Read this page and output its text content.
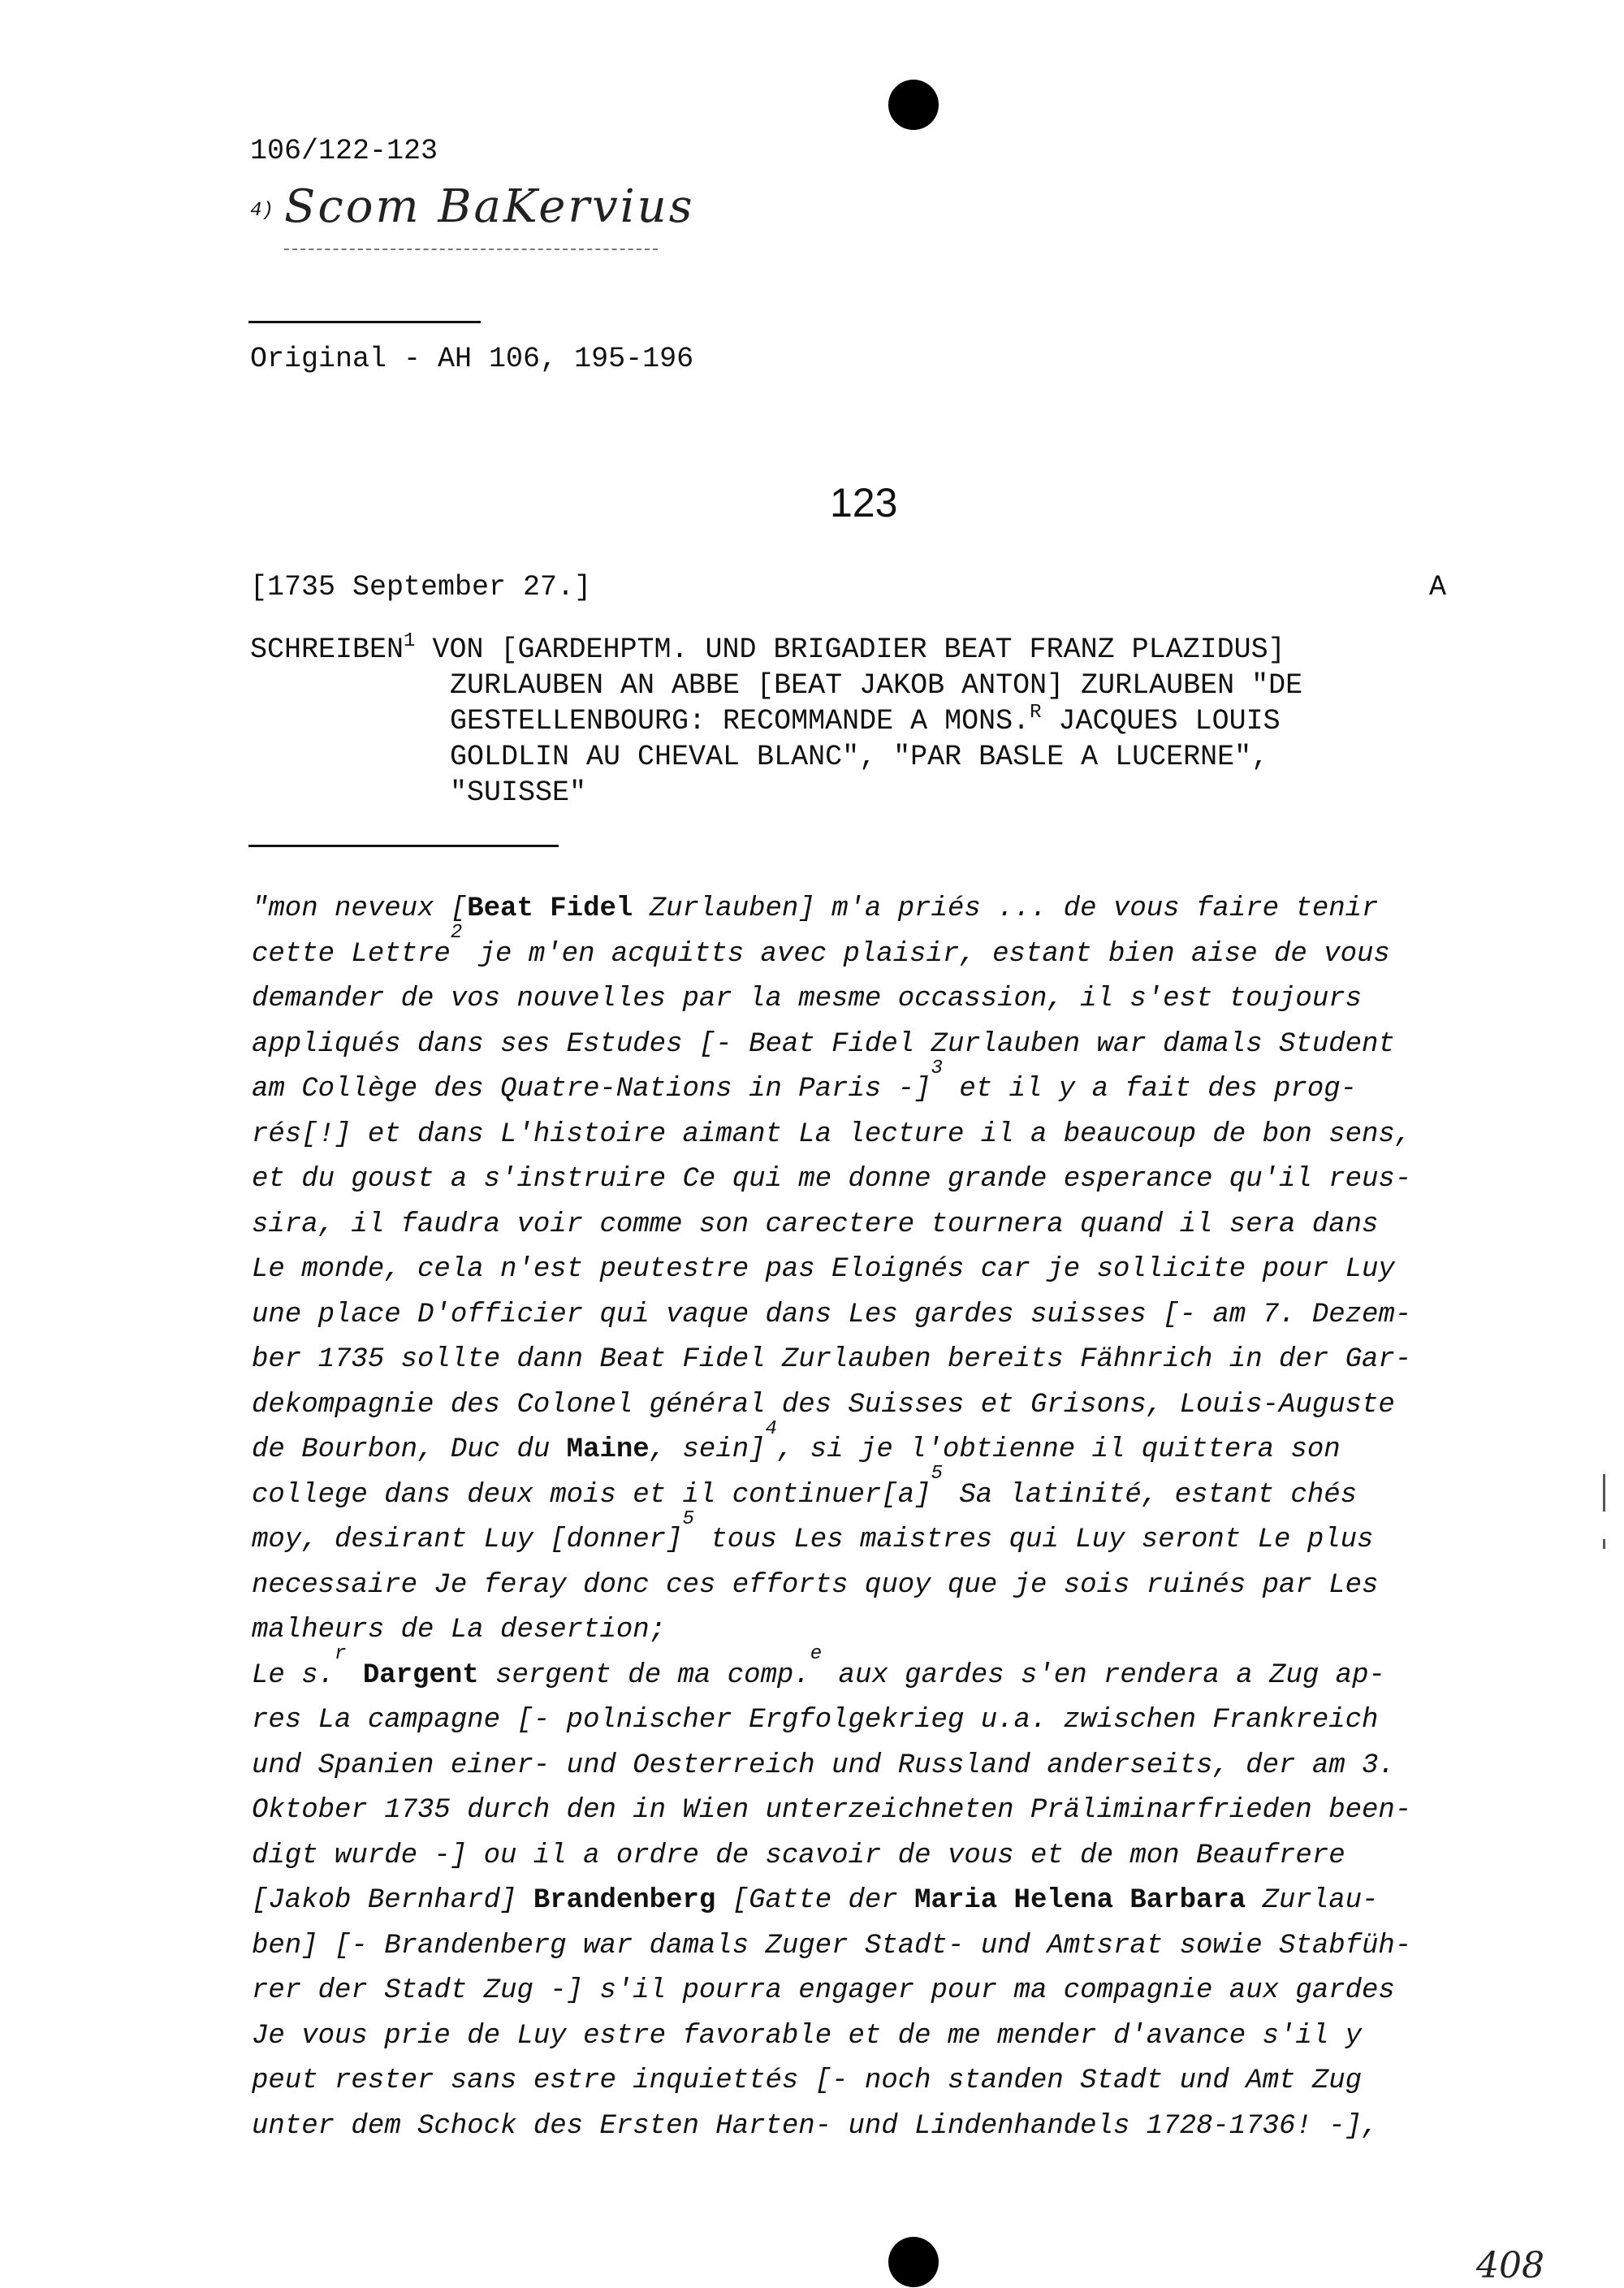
106/122-123
4) Scom BaKervius
Original - AH 106, 195-196
123
[1735 September 27.]	A
SCHREIBEN$^1$ VON [GARDEHPTM. UND BRIGADIER BEAT FRANZ PLAZIDUS]
ZURLAUBEN AN ABBE [BEAT JAKOB ANTON] ZURLAUBEN "DE
GESTELLENBOURG: RECOMMANDE A MONS.$^R$ JACQUES LOUIS
GOLDLIN AU CHEVAL BLANC", "PAR BASLE A LUCERNE",
"SUISSE"
"mon neveux [Beat Fidel Zurlauben] m'a priés ... de vous faire tenir
cette Lettre$^2$ je m'en acquitts avec plaisir, estant bien aise de vous
demander de vos nouvelles par la mesme occassion, il s'est toujours
appliqués dans ses Estudes [- Beat Fidel Zurlauben war damals Student
am Collège des Quatre-Nations in Paris -]$^3$ et il y a fait des prog-
rés[!] et dans L'histoire aimant La lecture il a beaucoup de bon sens,
et du goust a s'instruire Ce qui me donne grande esperance qu'il reus-
sira, il faudra voir comme son carectere tournera quand il sera dans
Le monde, cela n'est peutestre pas Eloignés car je sollicite pour Luy
une place D'officier qui vaque dans Les gardes suisses [- am 7. Dezem-
ber 1735 sollte dann Beat Fidel Zurlauben bereits Fähnrich in der Gar-
dekompagnie des Colonel général des Suisses et Grisons, Louis-Auguste
de Bourbon, Duc du Maine, sein]$^4$, si je l'obtienne il quittera son
college dans deux mois et il $continuer[a]^5$ Sa latinité, estant chés
moy, desirant Luy [donner]$^5$ tous Les maistres qui Luy seront Le plus
necessaire Je feray donc ces efforts quoy que je sois ruinés par Les
malheurs de La desertion;
Le s.$^r$ Dargent sergent de ma comp.$^e$ aux gardes s'en rendera a Zug ap-
res La campagne [- polnischer Ergfolgekrieg u.a. zwischen Frankreich
und Spanien einer- und Oesterreich und Russland anderseits, der am 3.
Oktober 1735 durch den in Wien unterzeichneten Präliminarfrieden been-
digt wurde -] ou il a ordre de scavoir de vous et de mon Beaufrere
[Jakob Bernhard] Brandenberg [Gatte der Maria Helena Barbara Zurlau-
ben] [- Brandenberg war damals Zuger Stadt- und Amtsrat sowie Stabfüh-
rer der Stadt Zug -] s'il pourra engager pour ma compagnie aux gardes
Je vous prie de Luy estre favorable et de me mender d'avance s'il y
peut rester sans estre inquiettés [- noch standen Stadt und Amt Zug
unter dem Schock des Ersten Harten- und Lindenhandels 1728-1736! -],
408
